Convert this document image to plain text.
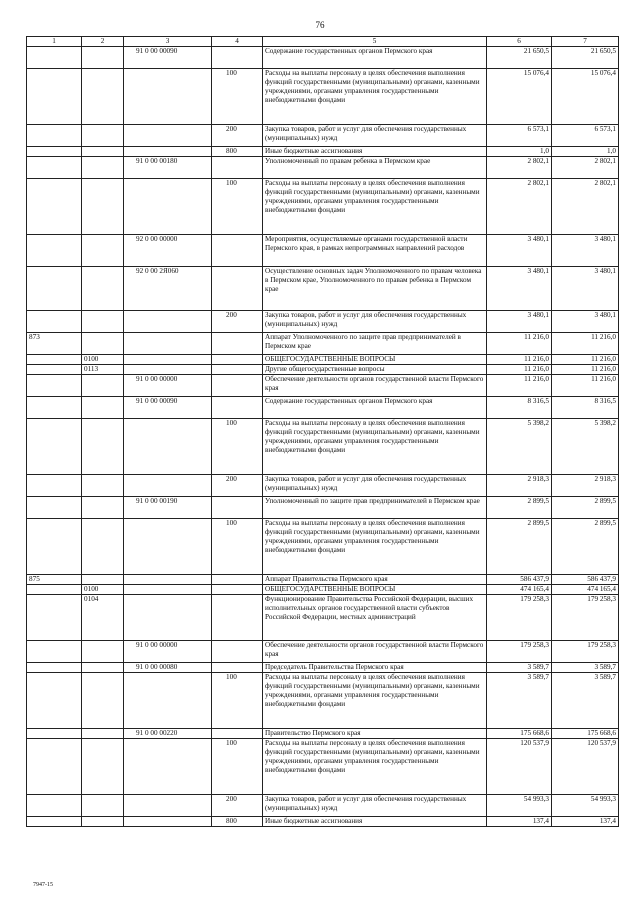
76
1	2	3	4	5	6	7
		91 0 00 00090		Содержание государственных органов Пермского края	21 650,5	21 650,5
			100	Расходы на выплаты персоналу в целях обеспечения выполнения функций государственными (муниципальными) органами, казенными учреждениями, органами управления государственными внебюджетными фондами	15 076,4	15 076,4
			200	Закупка товаров, работ и услуг для обеспечения государственных (муниципальных) нужд	6 573,1	6 573,1
			800	Иные бюджетные ассигнования	1,0	1,0
		91 0 00 00180		Уполномоченный по правам ребенка в Пермском крае	2 802,1	2 802,1
			100	Расходы на выплаты персоналу в целях обеспечения выполнения функций государственными (муниципальными) органами, казенными учреждениями, органами управления государственными внебюджетными фондами	2 802,1	2 802,1
		92 0 00 00000		Мероприятия, осуществляемые органами государственной власти Пермского края, в рамках непрограммных направлений расходов	3 480,1	3 480,1
		92 0 00 2Я060		Осуществление основных задач Уполномоченного по правам человека в Пермском крае, Уполномоченного по правам ребенка в Пермском крае	3 480,1	3 480,1
			200	Закупка товаров, работ и услуг для обеспечения государственных (муниципальных) нужд	3 480,1	3 480,1
873				Аппарат Уполномоченного по защите прав предпринимателей в Пермском крае	11 216,0	11 216,0
	0100			ОБЩЕГОСУДАРСТВЕННЫЕ ВОПРОСЫ	11 216,0	11 216,0
	0113			Другие общегосударственные вопросы	11 216,0	11 216,0
		91 0 00 00000		Обеспечение деятельности органов государственной власти Пермского края	11 216,0	11 216,0
		91 0 00 00090		Содержание государственных органов Пермского края	8 316,5	8 316,5
			100	Расходы на выплаты персоналу в целях обеспечения выполнения функций государственными (муниципальными) органами, казенными учреждениями, органами управления государственными внебюджетными фондами	5 398,2	5 398,2
			200	Закупка товаров, работ и услуг для обеспечения государственных (муниципальных) нужд	2 918,3	2 918,3
		91 0 00 00190		Уполномоченный по защите прав предпринимателей в Пермском крае	2 899,5	2 899,5
			100	Расходы на выплаты персоналу в целях обеспечения выполнения функций государственными (муниципальными) органами, казенными учреждениями, органами управления государственными внебюджетными фондами	2 899,5	2 899,5
875				Аппарат Правительства Пермского края	586 437,9	586 437,9
	0100			ОБЩЕГОСУДАРСТВЕННЫЕ ВОПРОСЫ	474 165,4	474 165,4
	0104			Функционирование Правительства Российской Федерации, высших исполнительных органов государственной власти субъектов Российской Федерации, местных администраций	179 258,3	179 258,3
		91 0 00 00000		Обеспечение деятельности органов государственной власти Пермского края	179 258,3	179 258,3
		91 0 00 00080		Председатель Правительства Пермского края	3 589,7	3 589,7
			100	Расходы на выплаты персоналу в целях обеспечения выполнения функций государственными (муниципальными) органами, казенными учреждениями, органами управления государственными внебюджетными фондами	3 589,7	3 589,7
		91 0 00 00220		Правительство Пермского края	175 668,6	175 668,6
			100	Расходы на выплаты персоналу в целях обеспечения выполнения функций государственными (муниципальными) органами, казенными учреждениями, органами управления государственными внебюджетными фондами	120 537,9	120 537,9
			200	Закупка товаров, работ и услуг для обеспечения государственных (муниципальных) нужд	54 993,3	54 993,3
			800	Иные бюджетные ассигнования	137,4	137,4
7947-15
